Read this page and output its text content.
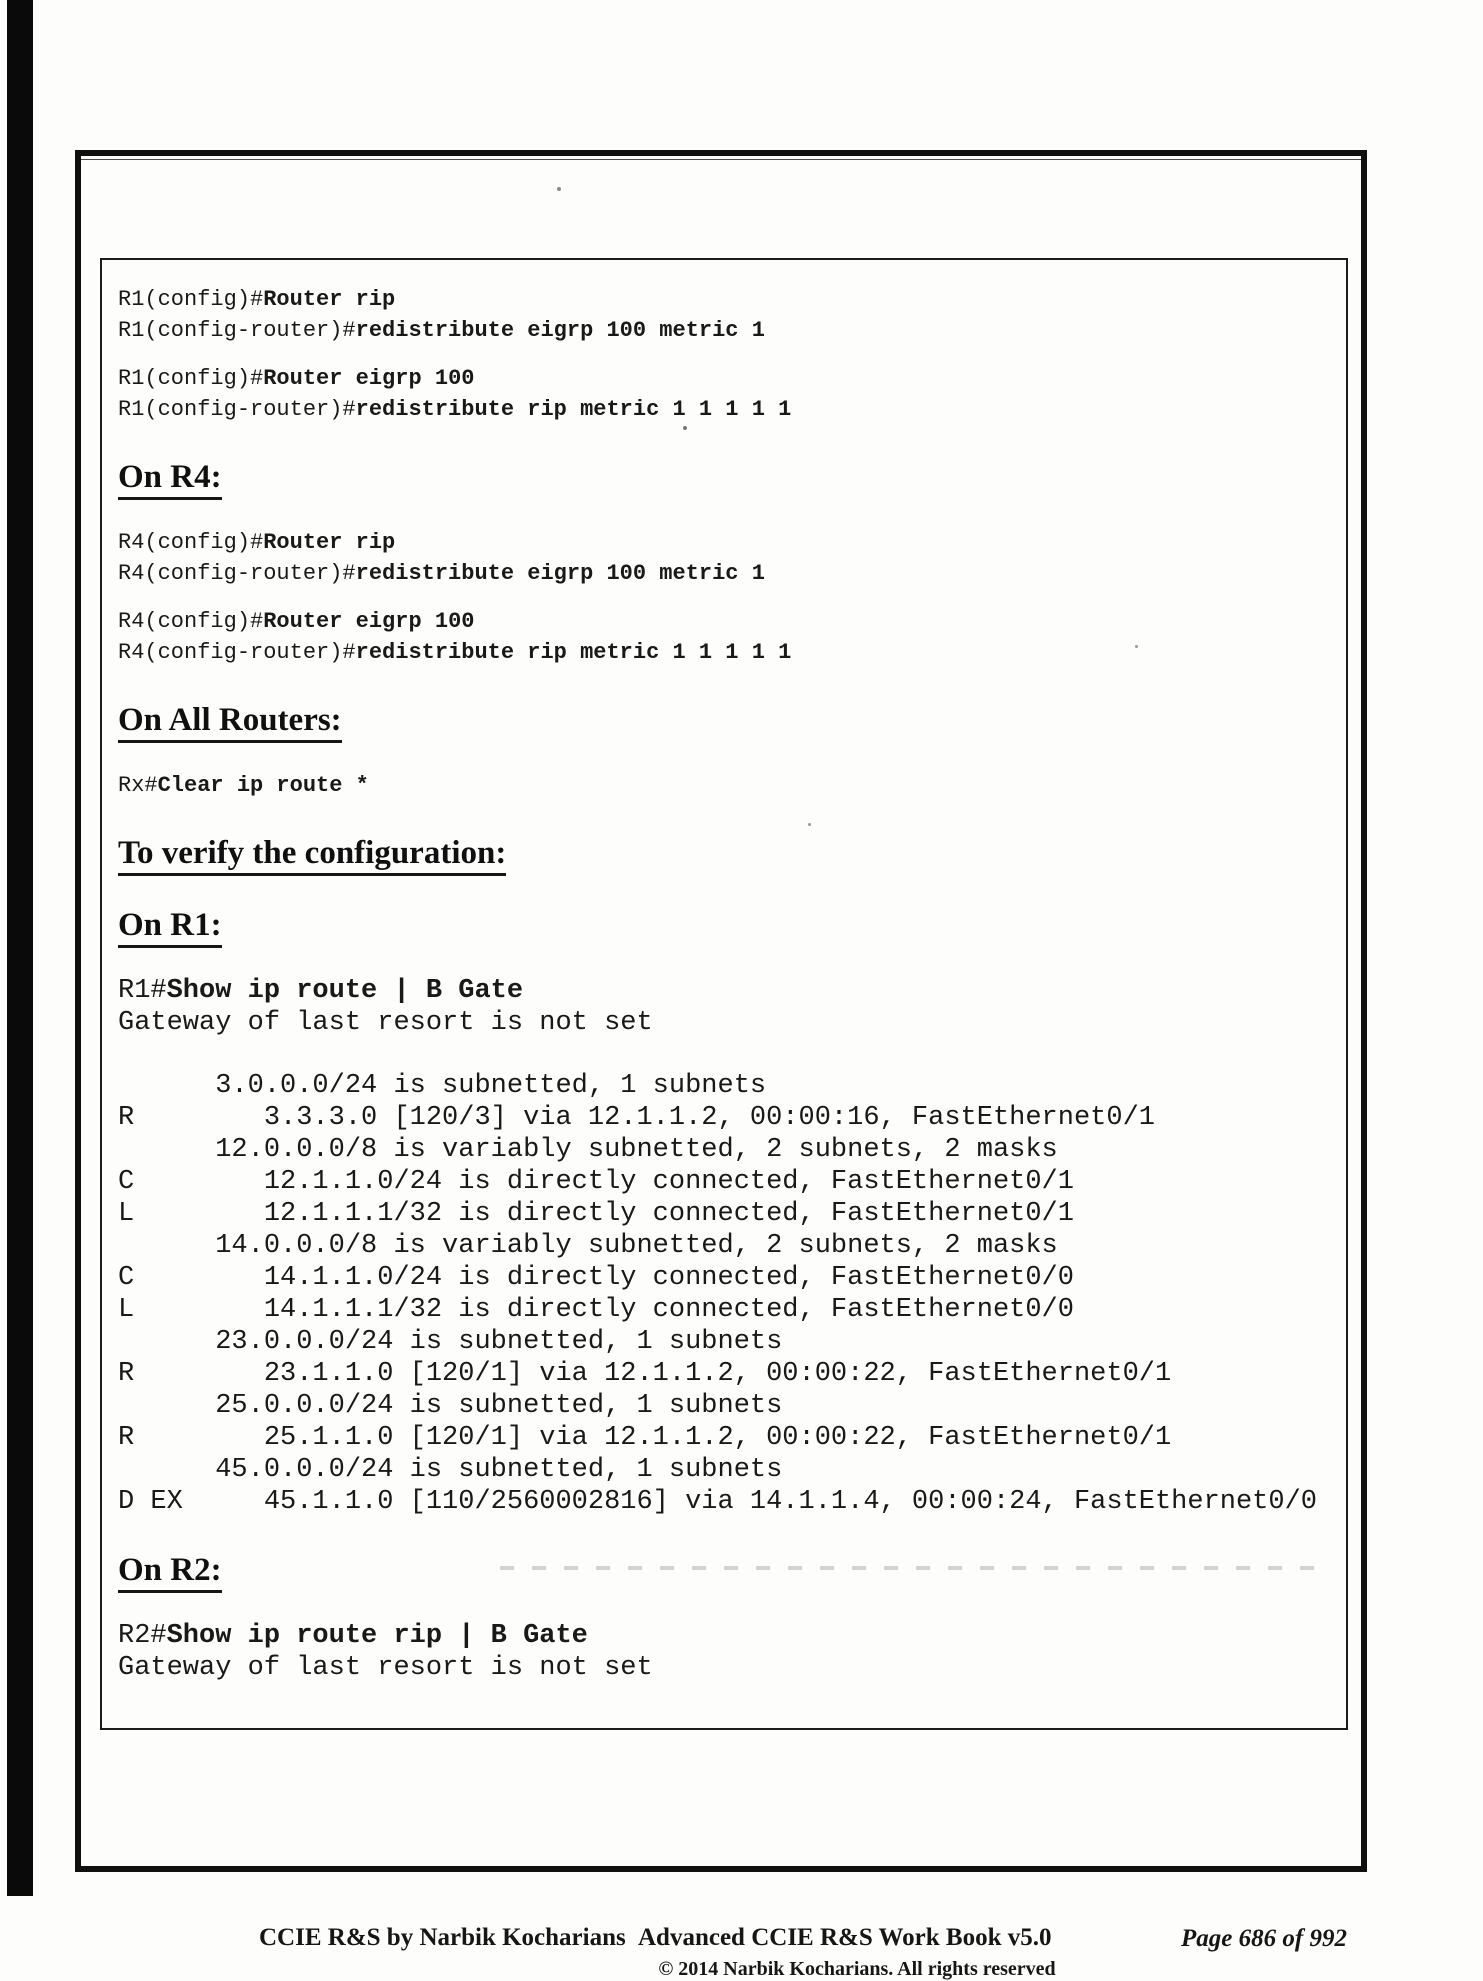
R1(config)#Router rip
R1(config-router)#redistribute eigrp 100 metric 1
R1(config)#Router eigrp 100
R1(config-router)#redistribute rip metric 1 1 1 1 1
On R4:
R4(config)#Router rip
R4(config-router)#redistribute eigrp 100 metric 1
R4(config)#Router eigrp 100
R4(config-router)#redistribute rip metric 1 1 1 1 1
On All Routers:
Rx#Clear ip route *
To verify the configuration:
On R1:
R1#Show ip route | B Gate
Gateway of last resort is not set
3.0.0.0/24 is subnetted, 1 subnets
R        3.3.3.0 [120/3] via 12.1.1.2, 00:00:16, FastEthernet0/1
12.0.0.0/8 is variably subnetted, 2 subnets, 2 masks
C        12.1.1.0/24 is directly connected, FastEthernet0/1
L        12.1.1.1/32 is directly connected, FastEthernet0/1
14.0.0.0/8 is variably subnetted, 2 subnets, 2 masks
C        14.1.1.0/24 is directly connected, FastEthernet0/0
L        14.1.1.1/32 is directly connected, FastEthernet0/0
23.0.0.0/24 is subnetted, 1 subnets
R        23.1.1.0 [120/1] via 12.1.1.2, 00:00:22, FastEthernet0/1
25.0.0.0/24 is subnetted, 1 subnets
R        25.1.1.0 [120/1] via 12.1.1.2, 00:00:22, FastEthernet0/1
45.0.0.0/24 is subnetted, 1 subnets
D EX     45.1.1.0 [110/2560002816] via 14.1.1.4, 00:00:24, FastEthernet0/0
On R2:
R2#Show ip route rip | B Gate
Gateway of last resort is not set
CCIE R&S by Narbik Kocharians Advanced CCIE R&S Work Book v5.0
© 2014 Narbik Kocharians. All rights reserved
Page 686 of 992
